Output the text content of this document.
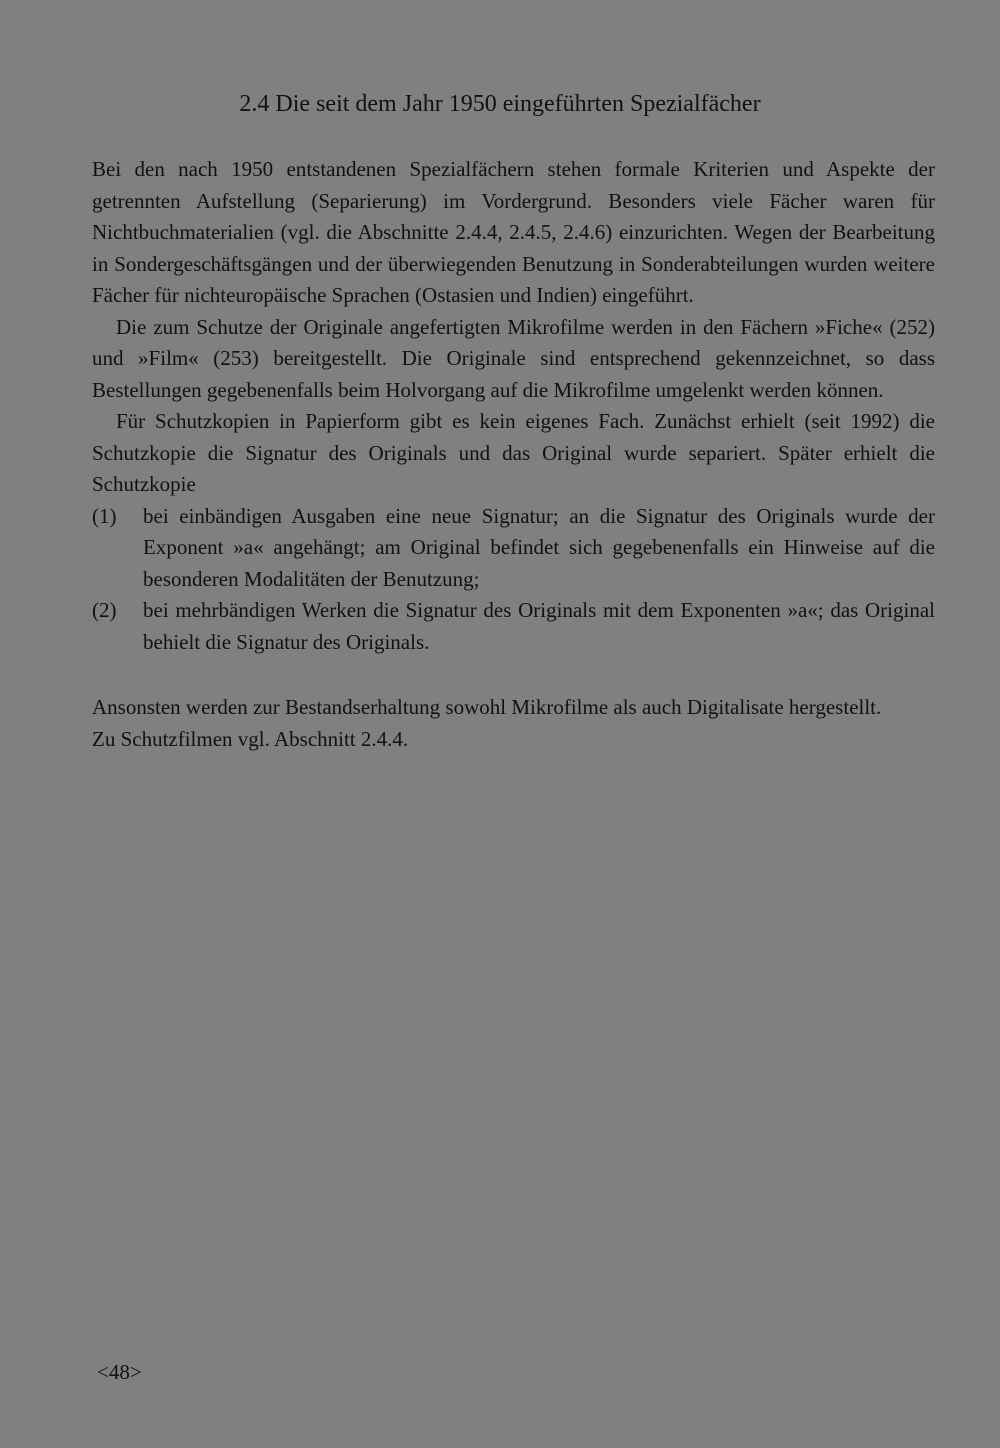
2.4 Die seit dem Jahr 1950 eingeführten Spezialfächer

Bei den nach 1950 entstandenen Spezialfächern stehen formale Kriterien und Aspekte der getrennten Aufstellung (Separierung) im Vordergrund. Besonders viele Fächer waren für Nichtbuchmaterialien (vgl. die Abschnitte 2.4.4, 2.4.5, 2.4.6) einzurichten. Wegen der Bearbeitung in Sondergeschäftsgängen und der überwiegenden Benutzung in Sonderabteilungen wurden weitere Fächer für nichteuropäische Sprachen (Ostasien und Indien) eingeführt.

Die zum Schutze der Originale angefertigten Mikrofilme werden in den Fächern »Fiche« (252) und »Film« (253) bereitgestellt. Die Originale sind entsprechend gekennzeichnet, so dass Bestellungen gegebenenfalls beim Holvorgang auf die Mikrofilme umgelenkt werden können.

Für Schutzkopien in Papierform gibt es kein eigenes Fach. Zunächst erhielt (seit 1992) die Schutzkopie die Signatur des Originals und das Original wurde separiert. Später erhielt die Schutzkopie

(1) bei einbändigen Ausgaben eine neue Signatur; an die Signatur des Originals wurde der Exponent »a« angehängt; am Original befindet sich gegebenenfalls ein Hinweise auf die besonderen Modalitäten der Benutzung;
(2) bei mehrbändigen Werken die Signatur des Originals mit dem Exponenten »a«; das Original behielt die Signatur des Originals.

Ansonsten werden zur Bestandserhaltung sowohl Mikrofilme als auch Digitalisate hergestellt.

Zu Schutzfilmen vgl. Abschnitt 2.4.4.

<48>
